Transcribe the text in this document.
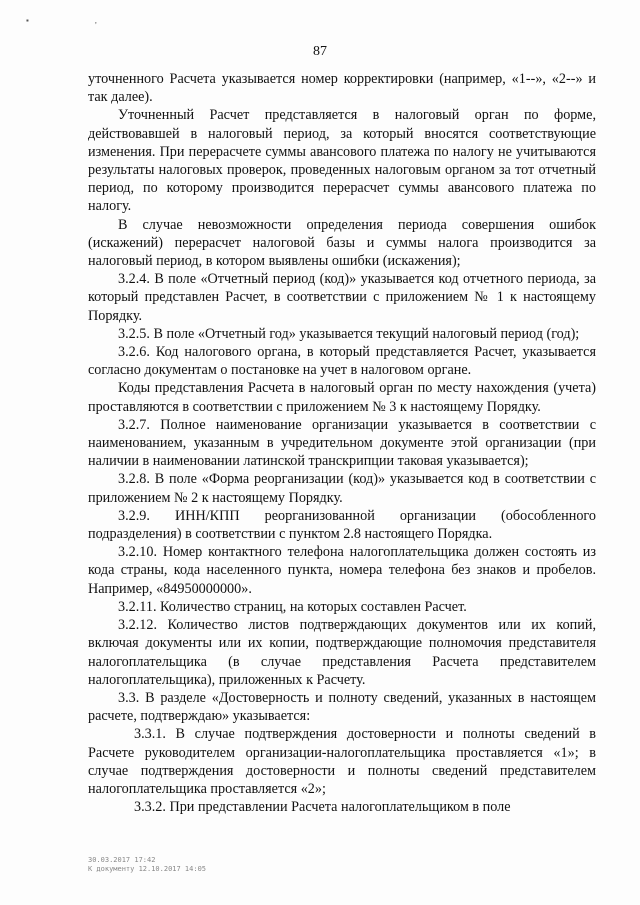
▪ ,
87

уточненного Расчета указывается номер корректировки (например, «1--», «2--» и так далее).

Уточненный Расчет представляется в налоговый орган по форме, действовавшей в налоговый период, за который вносятся соответствующие изменения. При перерасчете суммы авансового платежа по налогу не учитываются результаты налоговых проверок, проведенных налоговым органом за тот отчетный период, по которому производится перерасчет суммы авансового платежа по налогу.

В случае невозможности определения периода совершения ошибок (искажений) перерасчет налоговой базы и суммы налога производится за налоговый период, в котором выявлены ошибки (искажения);

3.2.4. В поле «Отчетный период (код)» указывается код отчетного периода, за который представлен Расчет, в соответствии с приложением № 1 к настоящему Порядку.

3.2.5. В поле «Отчетный год» указывается текущий налоговый период (год);

3.2.6. Код налогового органа, в который представляется Расчет, указывается согласно документам о постановке на учет в налоговом органе.

Коды представления Расчета в налоговый орган по месту нахождения (учета) проставляются в соответствии с приложением № 3 к настоящему Порядку.

3.2.7. Полное наименование организации указывается в соответствии с наименованием, указанным в учредительном документе этой организации (при наличии в наименовании латинской транскрипции таковая указывается);

3.2.8. В поле «Форма реорганизации (код)» указывается код в соответствии с приложением № 2 к настоящему Порядку.

3.2.9. ИНН/КПП реорганизованной организации (обособленного подразделения) в соответствии с пунктом 2.8 настоящего Порядка.

3.2.10. Номер контактного телефона налогоплательщика должен состоять из кода страны, кода населенного пункта, номера телефона без знаков и пробелов. Например, «84950000000».

3.2.11. Количество страниц, на которых составлен Расчет.

3.2.12. Количество листов подтверждающих документов или их копий, включая документы или их копии, подтверждающие полномочия представителя налогоплательщика (в случае представления Расчета представителем налогоплательщика), приложенных к Расчету.

3.3. В разделе «Достоверность и полноту сведений, указанных в настоящем расчете, подтверждаю» указывается:

3.3.1. В случае подтверждения достоверности и полноты сведений в Расчете руководителем организации-налогоплательщика проставляется «1»; в случае подтверждения достоверности и полноты сведений представителем налогоплательщика проставляется «2»;

3.3.2. При представлении Расчета налогоплательщиком в поле

30.03.2017 17:42
К документу 12.10.2017 14:05
